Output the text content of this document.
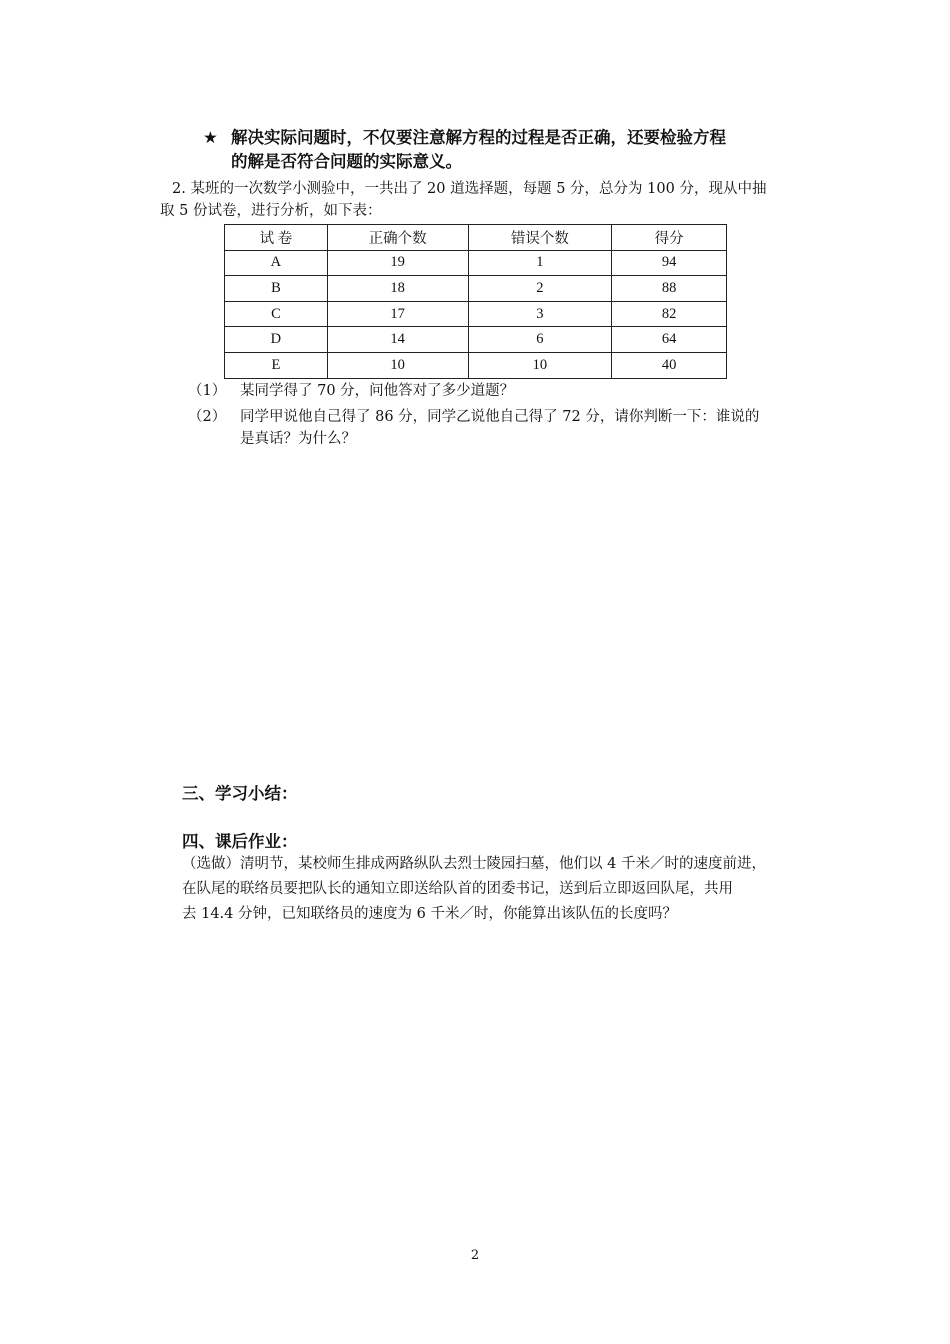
★ 解决实际问题时，不仅要注意解方程的过程是否正确，还要检验方程
的解是否符合问题的实际意义。
2. 某班的一次数学小测验中，一共出了 20 道选择题，每题 5 分，总分为 100 分，现从中抽
取 5 份试卷，进行分析，如下表：
试 卷	正确个数	错误个数	得分
A	19	1	94
B	18	2	88
C	17	3	82
D	14	6	64
E	10	10	40
（1） 某同学得了 70 分，问他答对了多少道题？
（2） 同学甲说他自己得了 86 分，同学乙说他自己得了 72 分，请你判断一下：谁说的
是真话？为什么？
三、学习小结：
四、课后作业：
（选做）清明节，某校师生排成两路纵队去烈士陵园扫墓，他们以 4 千米／时的速度前进，
在队尾的联络员要把队长的通知立即送给队首的团委书记，送到后立即返回队尾，共用
去 14.4 分钟，已知联络员的速度为 6 千米／时，你能算出该队伍的长度吗？
2
